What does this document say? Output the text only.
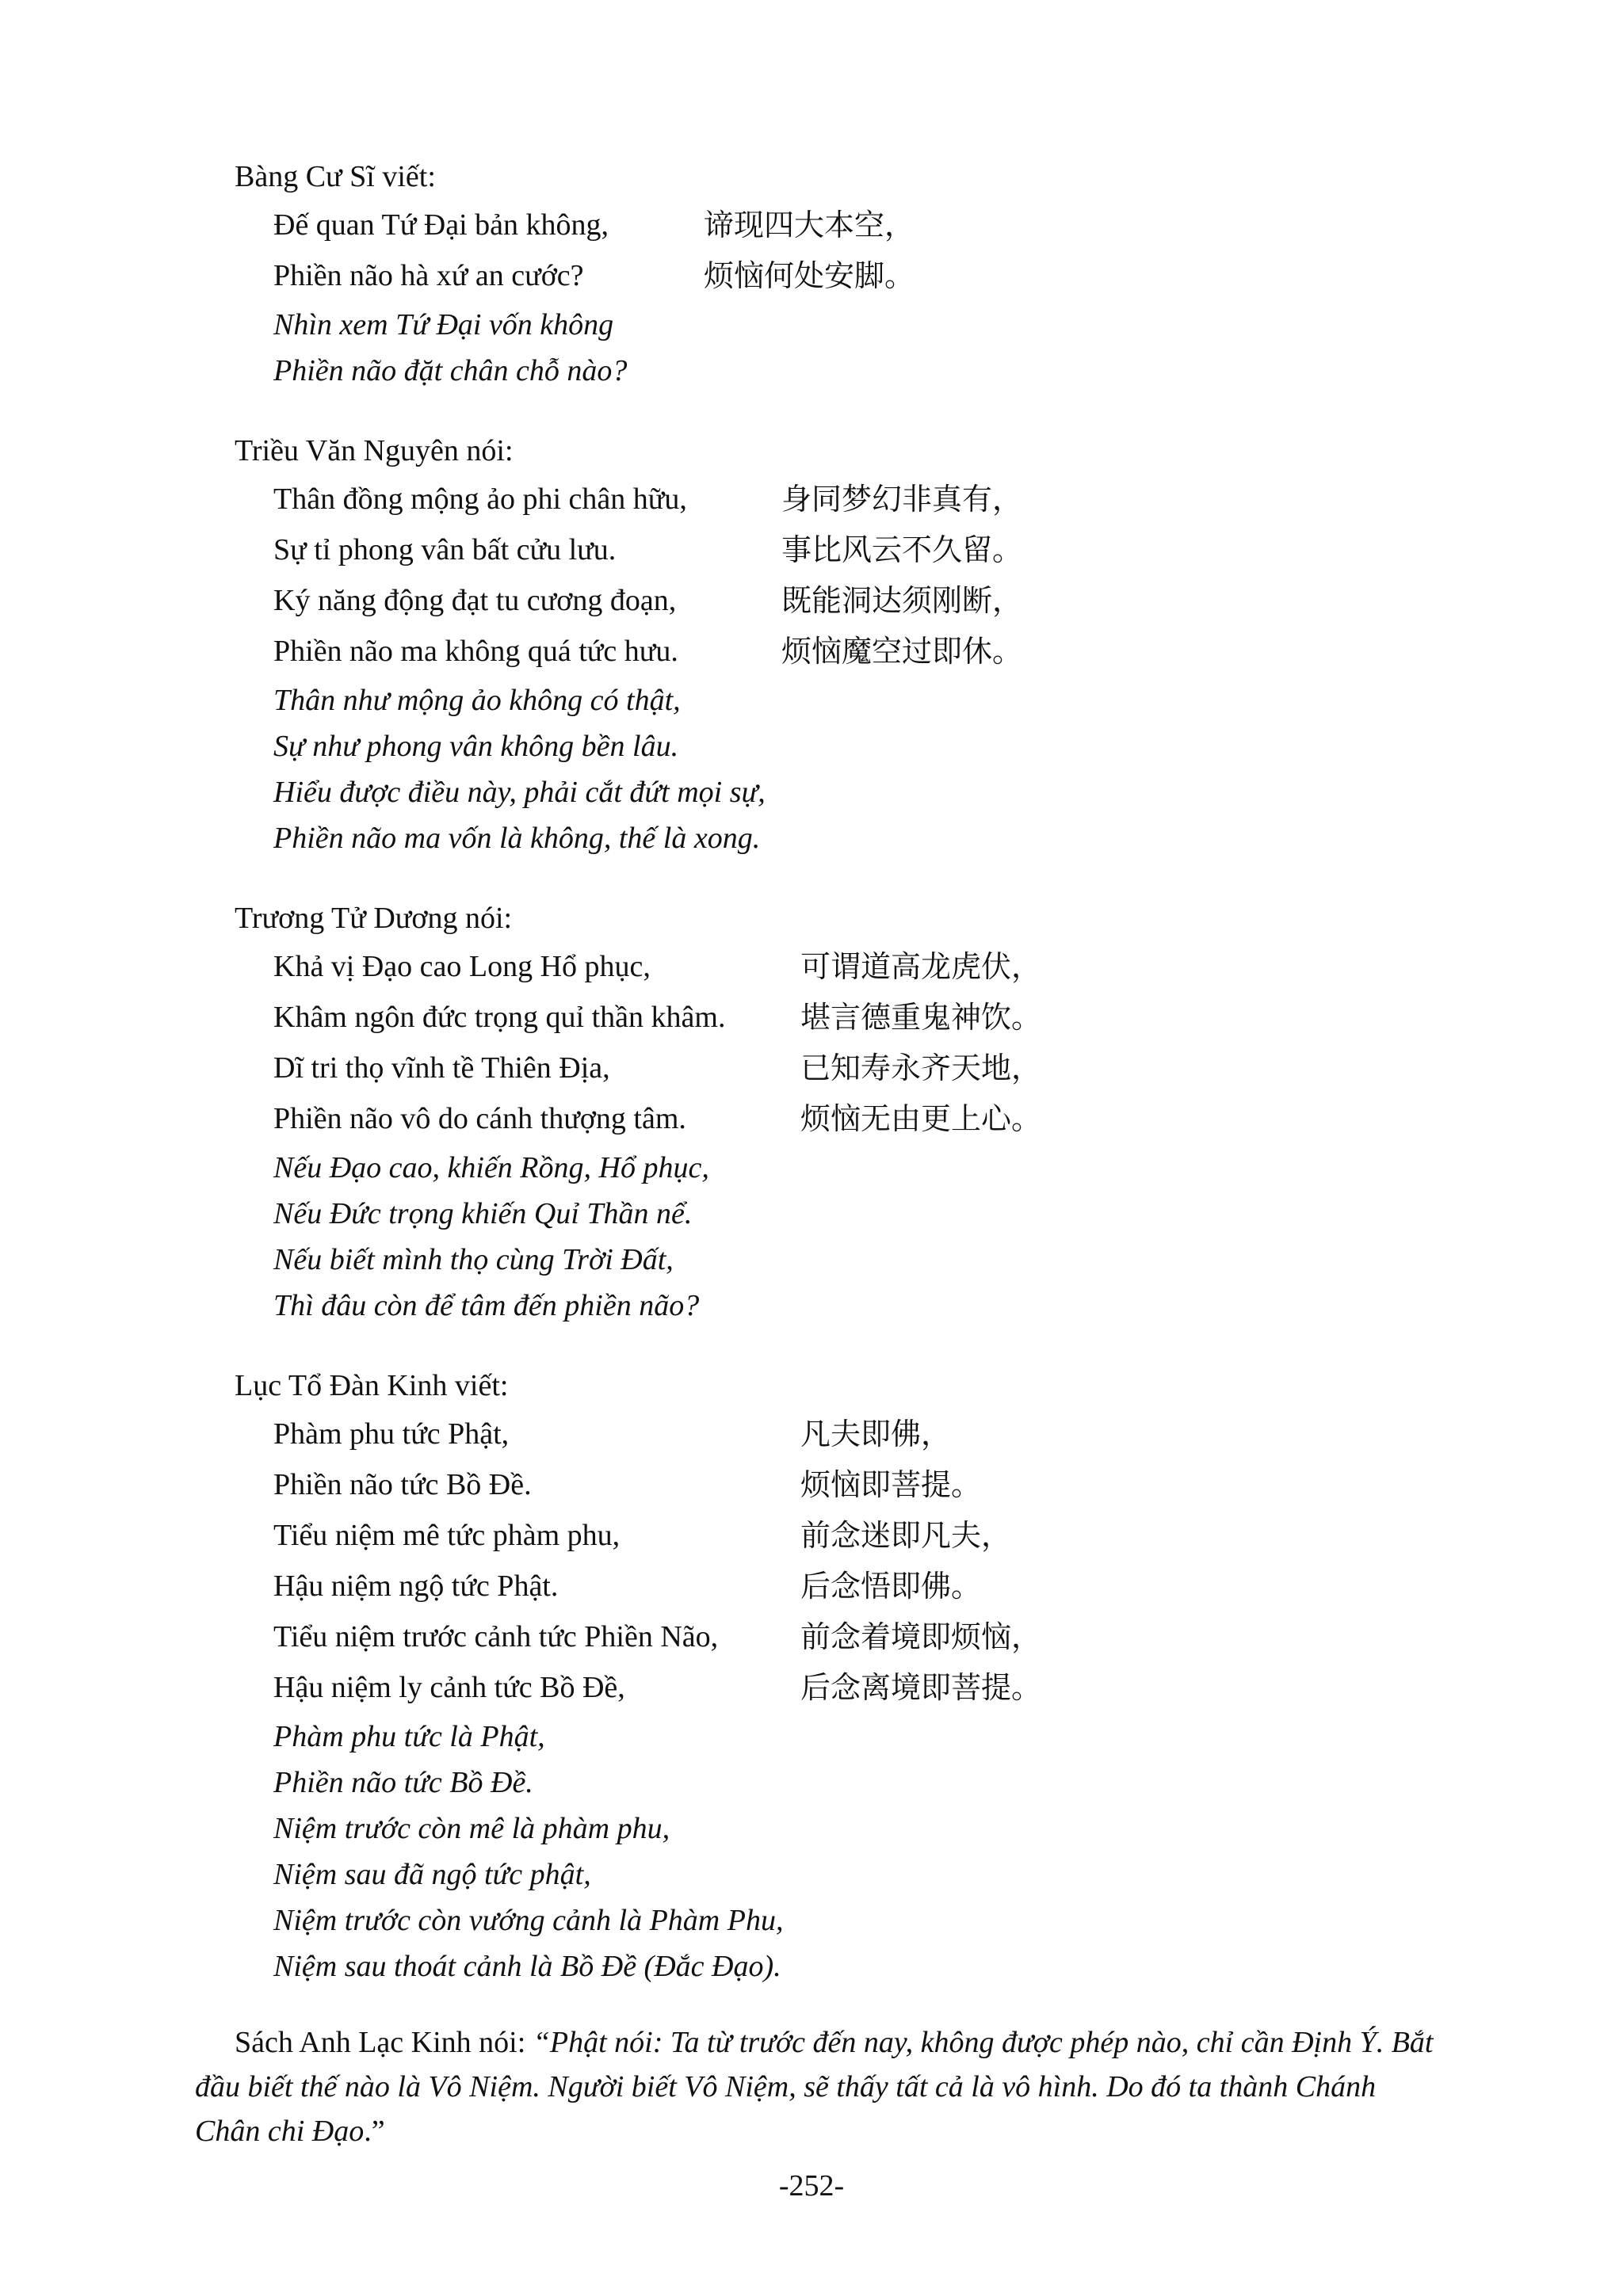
Bàng Cư Sĩ viết:
Đế quan Tứ Đại bản không,	谛现四大本空，
Phiền não hà xứ an cước?	烦恼何处安脚。
Nhìn xem Tứ Đại vốn không
Phiền não đặt chân chỗ nào?
Triều Văn Nguyên nói:
Thân đồng mộng ảo phi chân hữu,	身同梦幻非真有，
Sự tỉ phong vân bất cửu lưu.	事比风云不久留。
Ký năng động đạt tu cương đoạn,	既能洞达须刚断，
Phiền não ma không quá tức hưu.	烦恼魔空过即休。
Thân như mộng ảo không có thật,
Sự như phong vân không bền lâu.
Hiểu được điều này, phải cắt đứt mọi sự,
Phiền não ma vốn là không, thế là xong.
Trương Tử Dương nói:
Khả vị Đạo cao Long Hổ phục,	可谓道高龙虎伏，
Khâm ngôn đức trọng quỉ thần khâm. 堪言德重鬼神饮。
Dĩ tri thọ vĩnh tề Thiên Địa,	已知寿永齐天地，
Phiền não vô do cánh thượng tâm.	烦恼无由更上心。
Nếu Đạo cao, khiến Rồng, Hổ phục,
Nếu Đức trọng khiến Quỉ Thần nể.
Nếu biết mình thọ cùng Trời Đất,
Thì đâu còn để tâm đến phiền não?
Lục Tổ Đàn Kinh viết:
Phàm phu tức Phật,	凡夫即佛，
Phiền não tức Bồ Đề.	烦恼即菩提。
Tiểu niệm mê tức phàm phu,	前念迷即凡夫，
Hậu niệm ngộ tức Phật.	后念悟即佛。
Tiểu niệm trước cảnh tức Phiền Não,	前念着境即烦恼，
Hậu niệm ly cảnh tức Bồ Đề,	后念离境即菩提。
Phàm phu tức là Phật,
Phiền não tức Bồ Đề.
Niệm trước còn mê là phàm phu,
Niệm sau đã ngộ tức phật,
Niệm trước còn vướng cảnh là Phàm Phu,
Niệm sau thoát cảnh là Bồ Đề (Đắc Đạo).

Sách Anh Lạc Kinh nói: “Phật nói: Ta từ trước đến nay, không được phép nào, chỉ cần Định Ý. Bắt đầu biết thế nào là Vô Niệm. Người biết Vô Niệm, sẽ thấy tất cả là vô hình. Do đó ta thành Chánh Chân chi Đạo.”

-252-
